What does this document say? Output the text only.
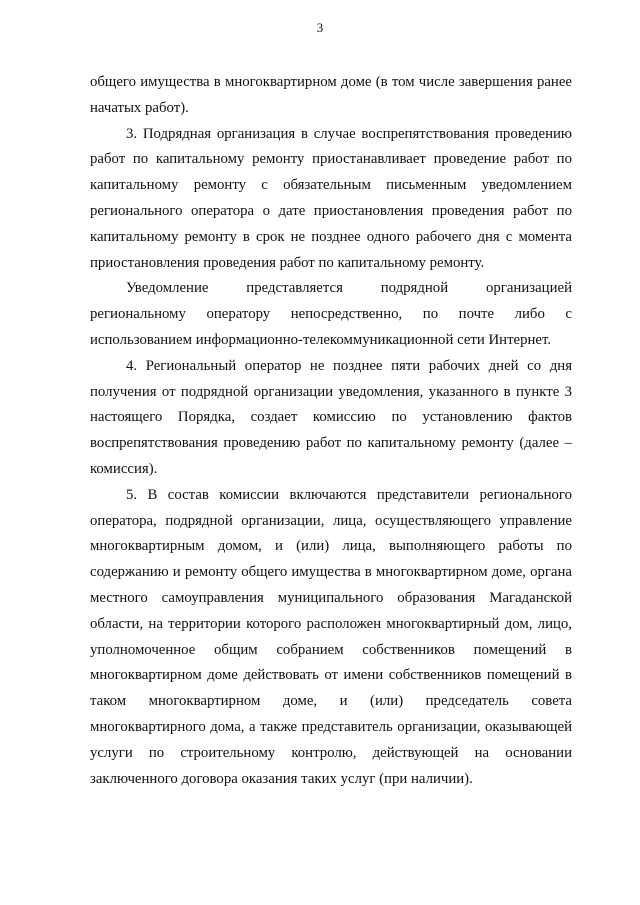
3
общего имущества в многоквартирном доме (в том числе завершения ранее
начатых работ).
3. Подрядная организация в случае воспрепятствования проведению
работ по капитальному ремонту приостанавливает проведение работ по
капитальному ремонту с обязательным письменным уведомлением
регионального оператора о дате приостановления проведения работ по
капитальному ремонту в срок не позднее одного рабочего дня с момента
приостановления проведения работ по капитальному ремонту.
Уведомление представляется подрядной организацией
региональному оператору непосредственно, по почте либо с
использованием информационно-телекоммуникационной сети Интернет.
4. Региональный оператор не позднее пяти рабочих дней со дня
получения от подрядной организации уведомления, указанного в пункте 3
настоящего Порядка, создает комиссию по установлению фактов
воспрепятствования проведению работ по капитальному ремонту (далее –
комиссия).
5. В состав комиссии включаются представители регионального
оператора, подрядной организации, лица, осуществляющего управление
многоквартирным домом, и (или) лица, выполняющего работы по
содержанию и ремонту общего имущества в многоквартирном доме, органа
местного самоуправления муниципального образования Магаданской
области, на территории которого расположен многоквартирный дом, лицо,
уполномоченное общим собранием собственников помещений в
многоквартирном доме действовать от имени собственников помещений в
таком многоквартирном доме, и (или) председатель совета
многоквартирного дома, а также представитель организации, оказывающей
услуги по строительному контролю, действующей на основании
заключенного договора оказания таких услуг (при наличии).
